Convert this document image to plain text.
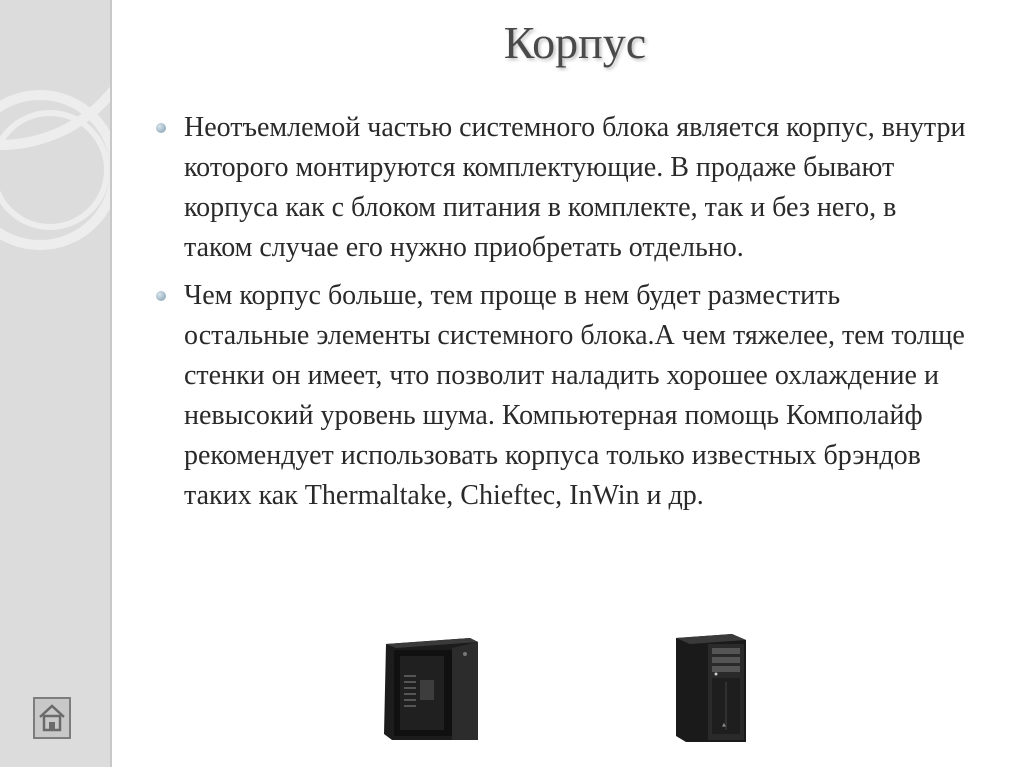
Корпус
Неотъемлемой частью системного блока является корпус, внутри которого монтируются комплектующие. В продаже бывают корпуса как с блоком питания в комплекте, так и без него, в таком случае его нужно приобретать отдельно.
Чем корпус больше, тем проще в нем будет разместить остальные элементы системного блока.А чем тяжелее, тем толще стенки он имеет, что позволит наладить хорошее охлаждение и невысокий уровень шума. Компьютерная помощь Комполайф рекомендует использовать корпуса только известных брэндов таких как Thermaltake, Chieftec, InWin и др.
▲
